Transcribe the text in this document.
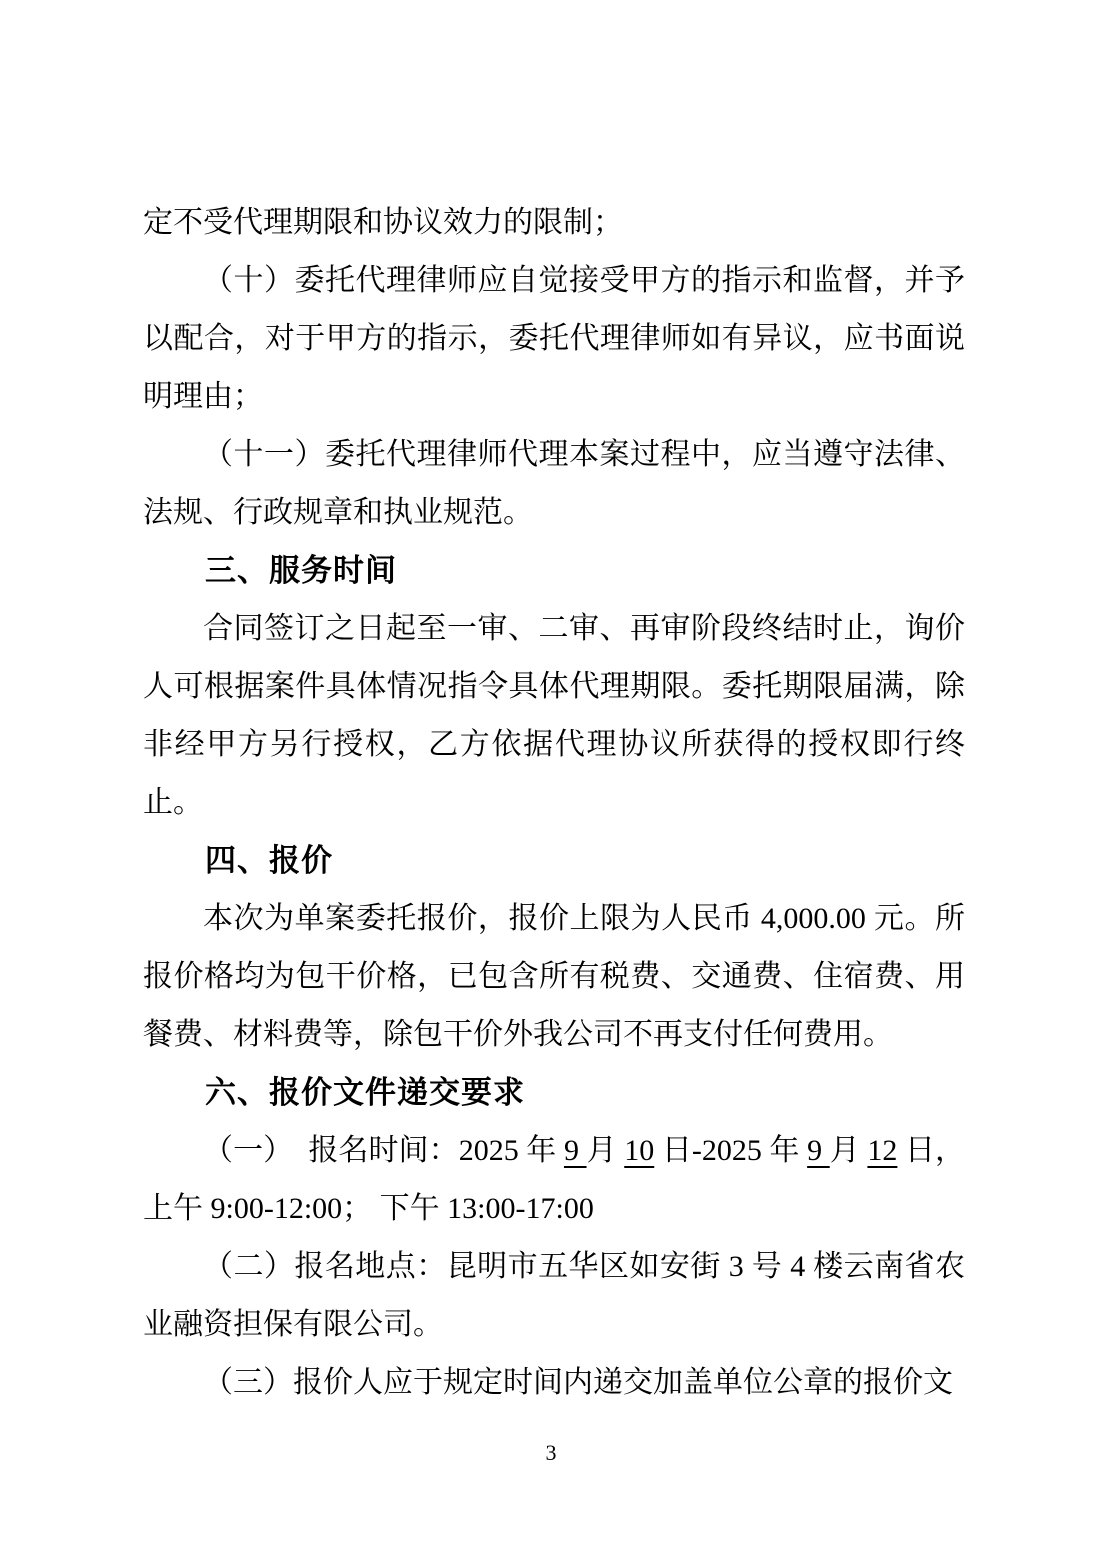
定不受代理期限和协议效力的限制；

（十）委托代理律师应自觉接受甲方的指示和监督，并予以配合，对于甲方的指示，委托代理律师如有异议，应书面说明理由；

（十一）委托代理律师代理本案过程中，应当遵守法律、法规、行政规章和执业规范。

三、服务时间

合同签订之日起至一审、二审、再审阶段终结时止，询价人可根据案件具体情况指令具体代理期限。委托期限届满，除非经甲方另行授权，乙方依据代理协议所获得的授权即行终止。

四、报价

本次为单案委托报价，报价上限为人民币 4,000.00 元。所报价格均为包干价格，已包含所有税费、交通费、住宿费、用餐费、材料费等，除包干价外我公司不再支付任何费用。

六、报价文件递交要求

（一）　报名时间：2025 年 9 月 10 日-2025 年 9 月 12 日，上午 9:00-12:00； 下午 13:00-17:00

（二）报名地点：昆明市五华区如安街 3 号 4 楼云南省农业融资担保有限公司。

（三）报价人应于规定时间内递交加盖单位公章的报价文

3
